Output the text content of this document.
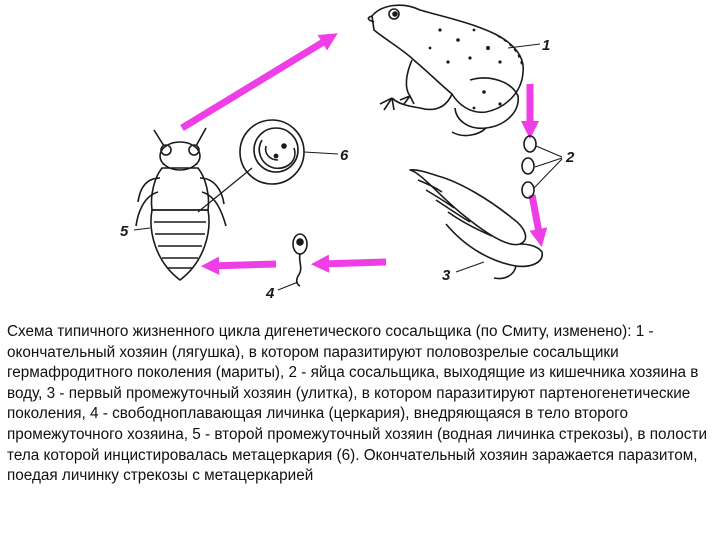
1
2
3
4
5
6

Схема типичного жизненного цикла дигенетического сосальщика (по Смиту, изменено): 1 - окончательный хозяин (лягушка), в котором паразитируют половозрелые сосальщики гермафродитного поколения (мариты), 2 - яйца сосальщика, выходящие из кишечника хозяина в воду, 3 - первый промежуточный хозяин (улитка), в котором паразитируют партеногенетические поколения, 4 - свободноплавающая личинка (церкария), внедряющаяся в тело второго промежуточного хозяина, 5 - второй промежуточный хозяин (водная личинка стрекозы), в полости тела которой инцистировалась метацеркария (6). Окончательный хозяин заражается паразитом, поедая личинку стрекозы с метацеркарией
